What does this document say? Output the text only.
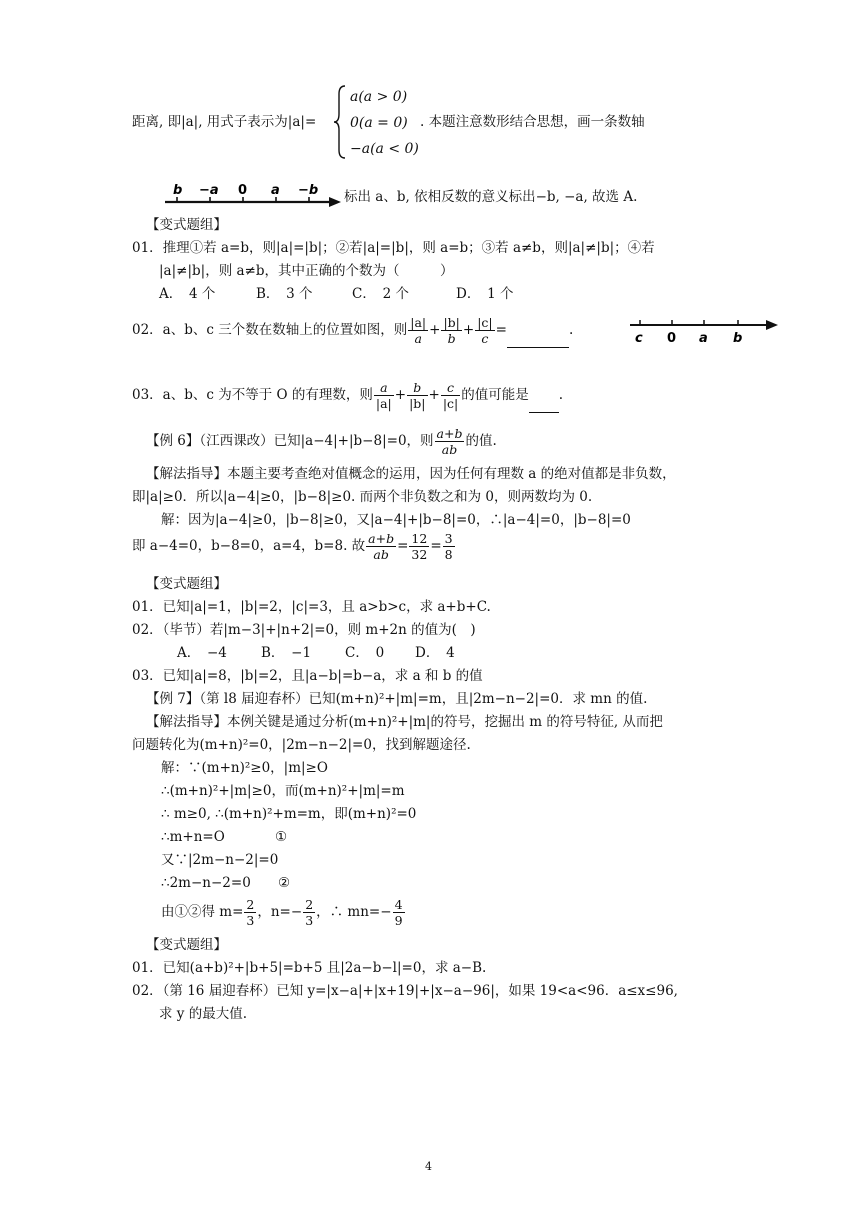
距离, 即|a|, 用式子表示为|a|=
a(a > 0)
0(a = 0)
−a(a < 0)
. 本题注意数形结合思想，画一条数轴
b −a 0 a −b 标出 a、b, 依相反数的意义标出−b, −a, 故选 A.
【变式题组】
01．推理①若 a=b，则|a|=|b|；②若|a|=|b|，则 a=b；③若 a≠b，则|a|≠|b|；④若
|a|≠|b|，则 a≠b，其中正确的个数为（　　　）
A．　4 个	B．　3 个	C．　2 个	D．　1 个
02．a、b、c 三个数在数轴上的位置如图，则 $\frac{|a|}{a} + \frac{|b|}{b} + \frac{|c|}{c}$ =	.
c 0 a b
03．a、b、c 为不等于 O 的有理数，则 $\frac{a}{|a|} + \frac{b}{|b|} + \frac{c}{|c|}$ 的值可能是 .
【例 6】（江西课改）已知|a−4|+|b−8|=0，则 $\frac{a+b}{ab}$ 的值.
【解法指导】本题主要考查绝对值概念的运用，因为任何有理数 a 的绝对值都是非负数，
即|a|≥0．所以|a−4|≥0，|b−8|≥0. 而两个非负数之和为 0，则两数均为 0.
解：因为|a−4|≥0，|b−8|≥0，又|a−4|+|b−8|=0，∴|a−4|=0，|b−8|=0
即 a−4=0，b−8=0，a=4，b=8. 故 $\frac{a+b}{ab} = \frac{12}{32} = \frac{3}{8}$
【变式题组】
01．已知|a|=1，|b|=2，|c|=3，且 a>b>c，求 a+b+C.
02．（毕节）若|m−3|+|n+2|=0，则 m+2n 的值为(　)
A．　−4	B．　−1	C．　0 D．　4
03．已知|a|=8，|b|=2，且|a−b|=b−a，求 a 和 b 的值
【例 7】（第 l8 届迎春杯）已知(m+n)²+|m|=m，且|2m−n−2|=0．求 mn 的值.
【解法指导】本例关键是通过分析(m+n)²+|m|的符号，挖掘出 m 的符号特征, 从而把
问题转化为(m+n)²=0，|2m−n−2|=0，找到解题途径.
解：∵(m+n)²≥0，|m|≥O
∴(m+n)²+|m|≥0，而(m+n)²+|m|=m
∴ m≥0, ∴(m+n)²+m=m，即(m+n)²=0
∴m+n=O	①
又∵|2m−n−2|=0
∴2m−n−2=0 ②
由①②得 $m= \frac{2}{3}$ ，$n=- \frac{2}{3}$ ，∴ $mn=- \frac{4}{9}$
【变式题组】
01．已知(a+b)²+|b+5|=b+5 且|2a−b−l|=0，求 a−B.
02．（第 16 届迎春杯）已知 y=|x−a|+|x+19|+|x−a−96|，如果 19<a<96．a≤x≤96,
求 y 的最大值.
4
